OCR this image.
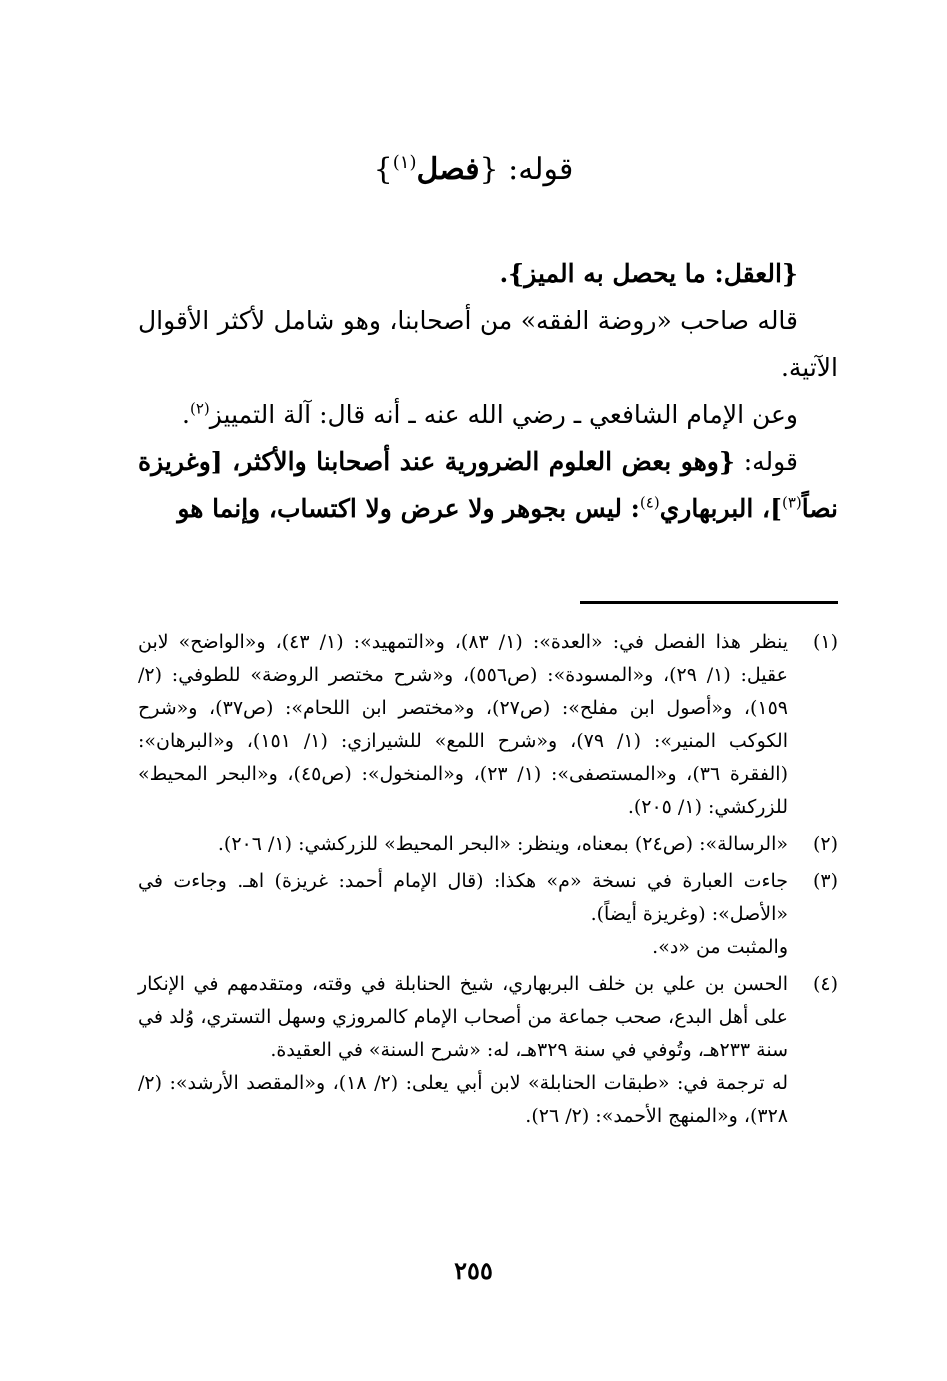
قوله: {فصل$^{(١)}$}

{العقل: ما يحصل به الميز}.

قاله صاحب «روضة الفقه» من أصحابنا، وهو شامل لأكثر الأقوال الآتية.

وعن الإمام الشافعي ـ رضي الله عنه ـ أنه قال: آلة التمييز$^{(٢)}$.

قوله: {وهو بعض العلوم الضرورية عند أصحابنا والأكثر، [وغريزة نصاً$^{(٣)}$]، البربهاري$^{(٤)}$: ليس بجوهر ولا عرض ولا اكتساب، وإنما هو

(١)
ينظر هذا الفصل في: «العدة»: (١/ ٨٣)، و«التمهيد»: (١/ ٤٣)، و«الواضح» لابن عقيل: (١/ ٢٩)، و«المسودة»: (ص٥٥٦)، و«شرح مختصر الروضة» للطوفي: (٢/ ١٥٩)، و«أصول ابن مفلح»: (ص٢٧)، و«مختصر ابن اللحام»: (ص٣٧)، و«شرح الكوكب المنير»: (١/ ٧٩)، و«شرح اللمع» للشيرازي: (١/ ١٥١)، و«البرهان»: (الفقرة ٣٦)، و«المستصفى»: (١/ ٢٣)، و«المنخول»: (ص٤٥)، و«البحر المحيط» للزركشي: (١/ ٢٠٥).
(٢)
«الرسالة»: (ص٢٤) بمعناه، وينظر: «البحر المحيط» للزركشي: (١/ ٢٠٦).
(٣)
جاءت العبارة في نسخة «م» هكذا: (قال الإمام أحمد: غريزة) اهـ. وجاءت في «الأصل»: (وغريزة أيضاً).
والمثبت من «د».
(٤)
الحسن بن علي بن خلف البربهاري، شيخ الحنابلة في وقته، ومتقدمهم في الإنكار على أهل البدع، صحب جماعة من أصحاب الإمام كالمروزي وسهل التستري، وُلد في سنة ٢٣٣هـ، وتُوفي في سنة ٣٢٩هـ، له: «شرح السنة» في العقيدة.
له ترجمة في: «طبقات الحنابلة» لابن أبي يعلى: (٢/ ١٨)، و«المقصد الأرشد»: (٢/ ٣٢٨)، و«المنهج الأحمد»: (٢/ ٢٦).
٢٥٥
